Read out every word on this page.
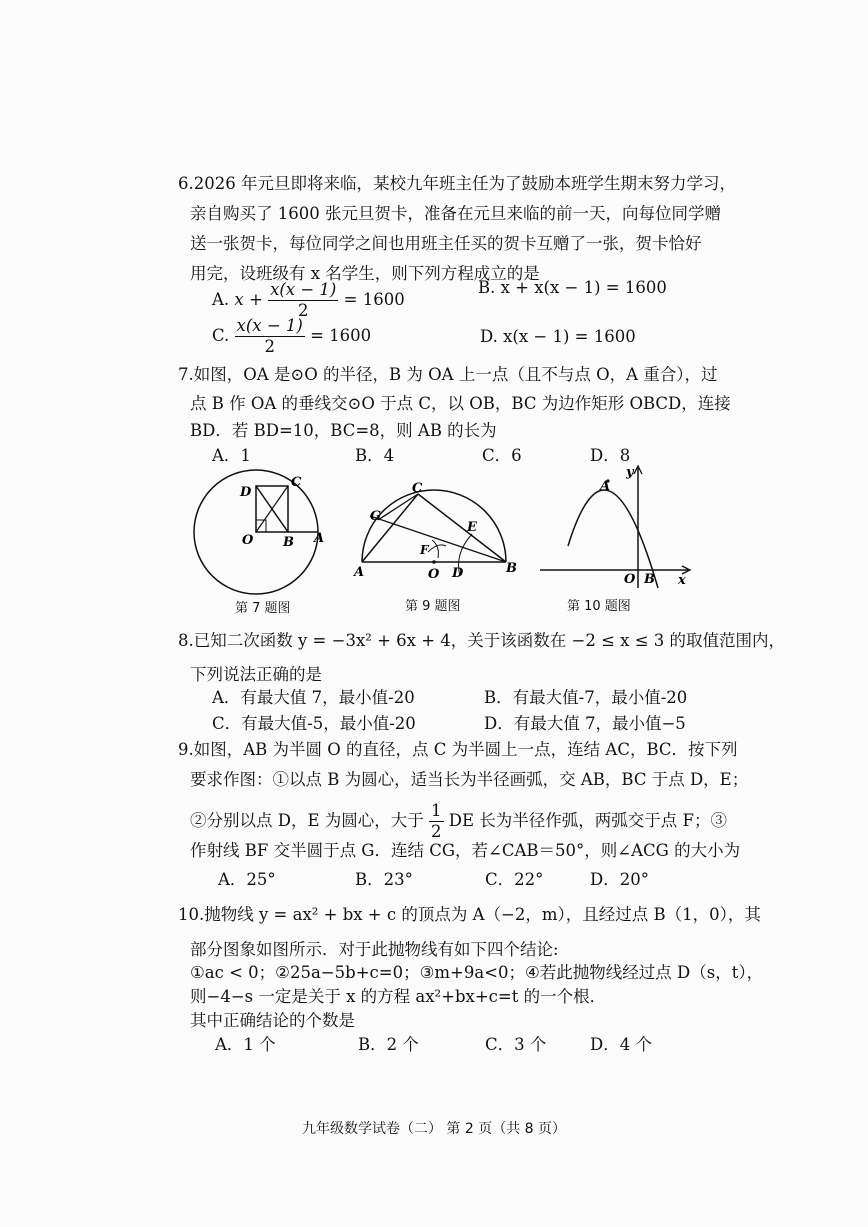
6.2026 年元旦即将来临，某校九年班主任为了鼓励本班学生期末努力学习，
亲自购买了 1600 张元旦贺卡，准备在元旦来临的前一天，向每位同学赠
送一张贺卡，每位同学之间也用班主任买的贺卡互赠了一张，贺卡恰好
用完，设班级有 x 名学生，则下列方程成立的是
A. $x + \frac{x(x - 1)}{2} = 1600$
B. x + x(x − 1) = 1600
C. $\frac{x(x - 1)}{2} = 1600$	D. x(x − 1) = 1600
7.如图，OA 是⊙O 的半径，B 为 OA 上一点（且不与点 O，A 重合），过
点 B 作 OA 的垂线交⊙O 于点 C，以 OB，BC 为边作矩形 OBCD，连接
BD．若 BD=10，BC=8，则 AB 的长为
A．1	B．4	C．6	D．8
D
C
O B A
C
G
E
F
A	O D	B
y
A
O B x
第 7 题图	第 9 题图	第 10 题图
8.已知二次函数 y = −3x² + 6x + 4，关于该函数在 −2 ≤ x ≤ 3 的取值范围内，
下列说法正确的是
A．有最大值 7，最小值-20	B．有最大值-7，最小值-20
C．有最大值-5，最小值-20	D．有最大值 7，最小值−5
9.如图，AB 为半圆 O 的直径，点 C 为半圆上一点，连结 AC，BC．按下列
要求作图：①以点 B 为圆心，适当长为半径画弧，交 AB，BC 于点 D，E；
②分别以点 D，E 为圆心，大于 $\frac{1}{2}$ DE 长为半径作弧，两弧交于点 F；③
作射线 BF 交半圆于点 G．连结 CG，若∠CAB＝50°，则∠ACG 的大小为
A．25°	B．23°	C．22°	D．20°
10.抛物线 y = ax² + bx + c 的顶点为 A（−2，m），且经过点 B（1，0），其
部分图象如图所示．对于此抛物线有如下四个结论:
①ac < 0；②25a−5b+c=0；③m+9a<0；④若此抛物线经过点 D（s，t），
则−4−s 一定是关于 x 的方程 ax²+bx+c=t 的一个根．
其中正确结论的个数是
A．1 个	B．2 个	C．3 个	D．4 个
九年级数学试卷（二） 第 2 页（共 8 页）
